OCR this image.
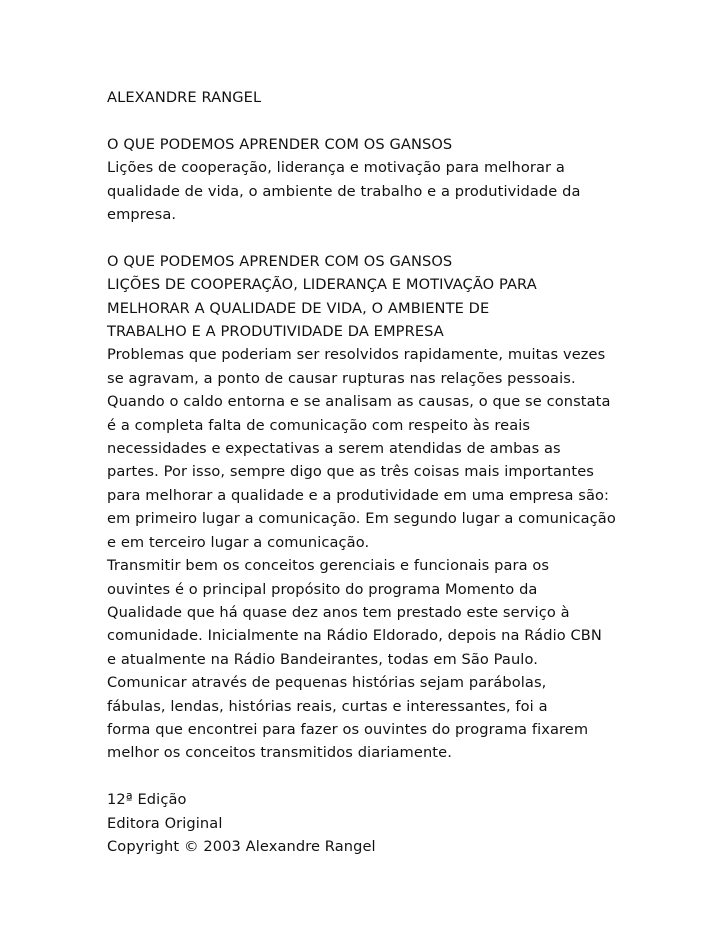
ALEXANDRE RANGEL
O QUE PODEMOS APRENDER COM OS GANSOS
Lições de cooperação, liderança e motivação para melhorar a
qualidade de vida, o ambiente de trabalho e a produtividade da
empresa.
O QUE PODEMOS APRENDER COM OS GANSOS
LIÇÕES DE COOPERAÇÃO, LIDERANÇA E MOTIVAÇÃO PARA
MELHORAR A QUALIDADE DE VIDA, O AMBIENTE DE
TRABALHO E A PRODUTIVIDADE DA EMPRESA
Problemas que poderiam ser resolvidos rapidamente, muitas vezes
se agravam, a ponto de causar rupturas nas relações pessoais.
Quando o caldo entorna e se analisam as causas, o que se constata
é a completa falta de comunicação com respeito às reais
necessidades e expectativas a serem atendidas de ambas as
partes. Por isso, sempre digo que as três coisas mais importantes
para melhorar a qualidade e a produtividade em uma empresa são:
em primeiro lugar a comunicação. Em segundo lugar a comunicação
e em terceiro lugar a comunicação.
Transmitir bem os conceitos gerenciais e funcionais para os
ouvintes é o principal propósito do programa Momento da
Qualidade que há quase dez anos tem prestado este serviço à
comunidade. Inicialmente na Rádio Eldorado, depois na Rádio CBN
e atualmente na Rádio Bandeirantes, todas em São Paulo.
Comunicar através de pequenas histórias sejam parábolas,
fábulas, lendas, histórias reais, curtas e interessantes, foi a
forma que encontrei para fazer os ouvintes do programa fixarem
melhor os conceitos transmitidos diariamente.
12ª Edição
Editora Original
Copyright © 2003 Alexandre Rangel
